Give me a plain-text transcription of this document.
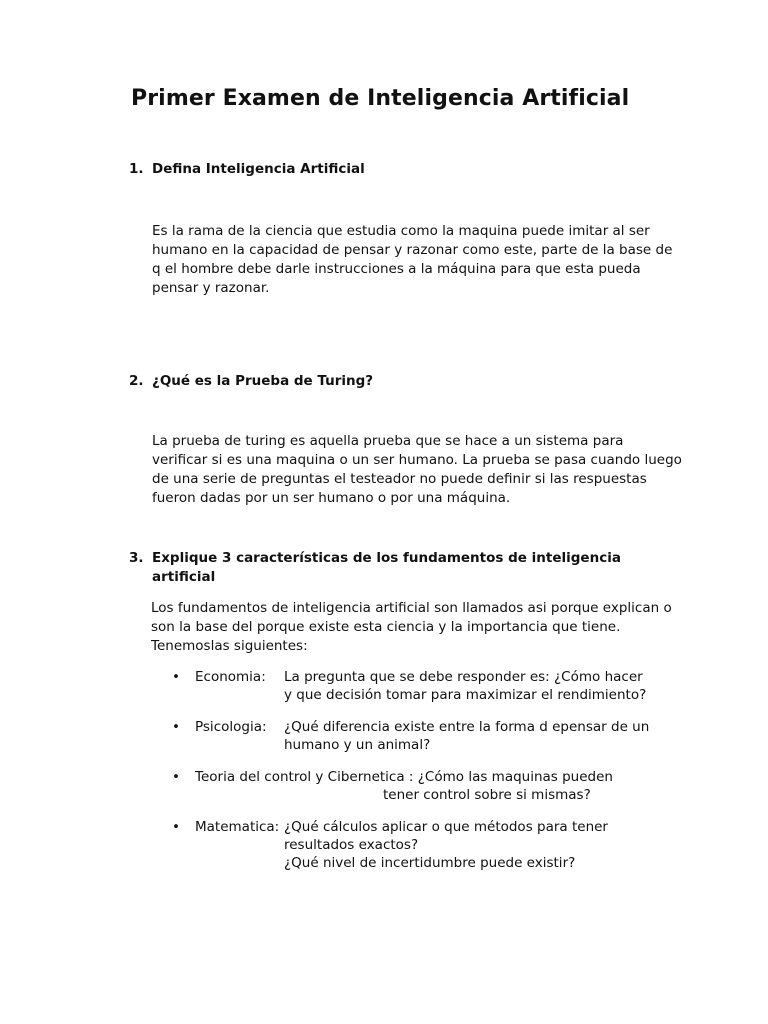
Primer Examen de Inteligencia Artificial
1. Defina Inteligencia Artificial

Es la rama de la ciencia que estudia como la maquina puede imitar al ser humano en la capacidad de pensar y razonar como este, parte de la base de q el hombre debe darle instrucciones a la máquina para que esta pueda pensar y razonar.

2. ¿Qué es la Prueba de Turing?

La prueba de turing es aquella prueba que se hace a un sistema para verificar si es una maquina o un ser humano. La prueba se pasa cuando luego de una serie de preguntas el testeador no puede definir si las respuestas fueron dadas por un ser humano o por una máquina.

3. Explique 3 características de los fundamentos de inteligencia artificial

Los fundamentos de inteligencia artificial son llamados asi porque explican o son la base del porque existe esta ciencia y la importancia que tiene. Tenemoslas siguientes:

• Economia: La pregunta que se debe responder es: ¿Cómo hacer
y que decisión tomar para maximizar el rendimiento?
• Psicologia: ¿Qué diferencia existe entre la forma d epensar de un
humano y un animal?
• Teoria del control y Cibernetica : ¿Cómo las maquinas pueden
tener control sobre si mismas?
• Matematica: ¿Qué cálculos aplicar o que métodos para tener
resultados exactos?
¿Qué nivel de incertidumbre puede existir?
